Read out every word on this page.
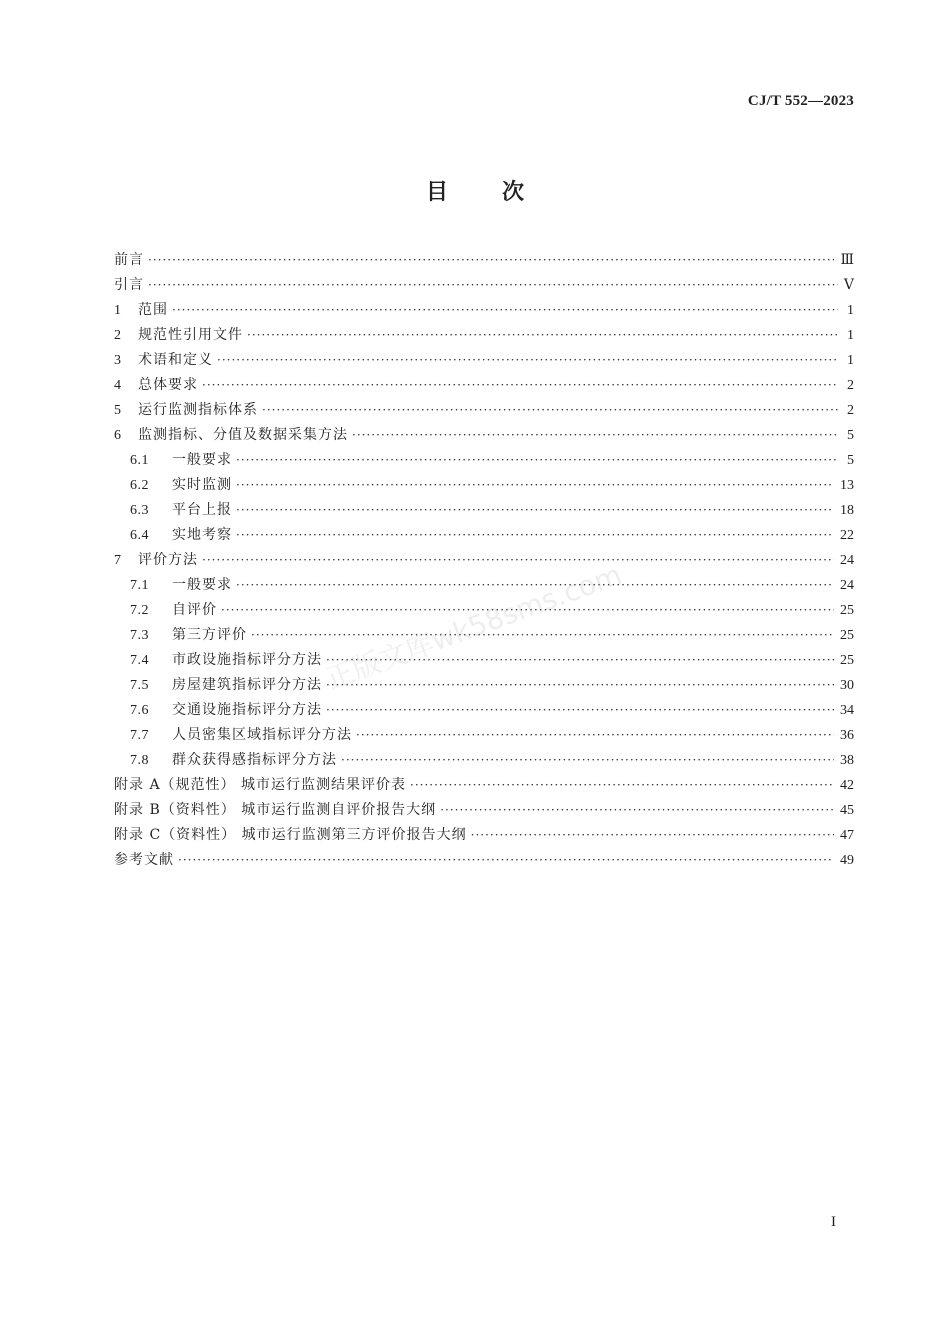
CJ/T 552—2023
目 次
前言 ·····	Ⅲ
引言 ·····	Ⅴ
1	范围 ·····	1
2	规范性引用文件 ·····	1
3	术语和定义 ·····	1
4	总体要求 ·····	2
5	运行监测指标体系 ·····	2
6	监测指标、分值及数据采集方法 ·····	5
6.1	一般要求 ·····	5
6.2	实时监测 ·····	13
6.3	平台上报 ·····	18
6.4	实地考察 ·····	22
7	评价方法 ·····	24
7.1	一般要求 ·····	24
7.2	自评价 ·····	25
7.3	第三方评价 ·····	25
7.4	市政设施指标评分方法 ·····	25
7.5	房屋建筑指标评分方法 ·····	30
7.6	交通设施指标评分方法 ·····	34
7.7	人员密集区域指标评分方法 ·····	36
7.8	群众获得感指标评分方法 ·····	38
附录 A（规范性） 城市运行监测结果评价表 ·····	42
附录 B（资料性） 城市运行监测自评价报告大纲 ·····	45
附录 C（资料性） 城市运行监测第三方评价报告大纲 ·····	47
参考文献 ·····	49
正版文库wk58sms.com
I
